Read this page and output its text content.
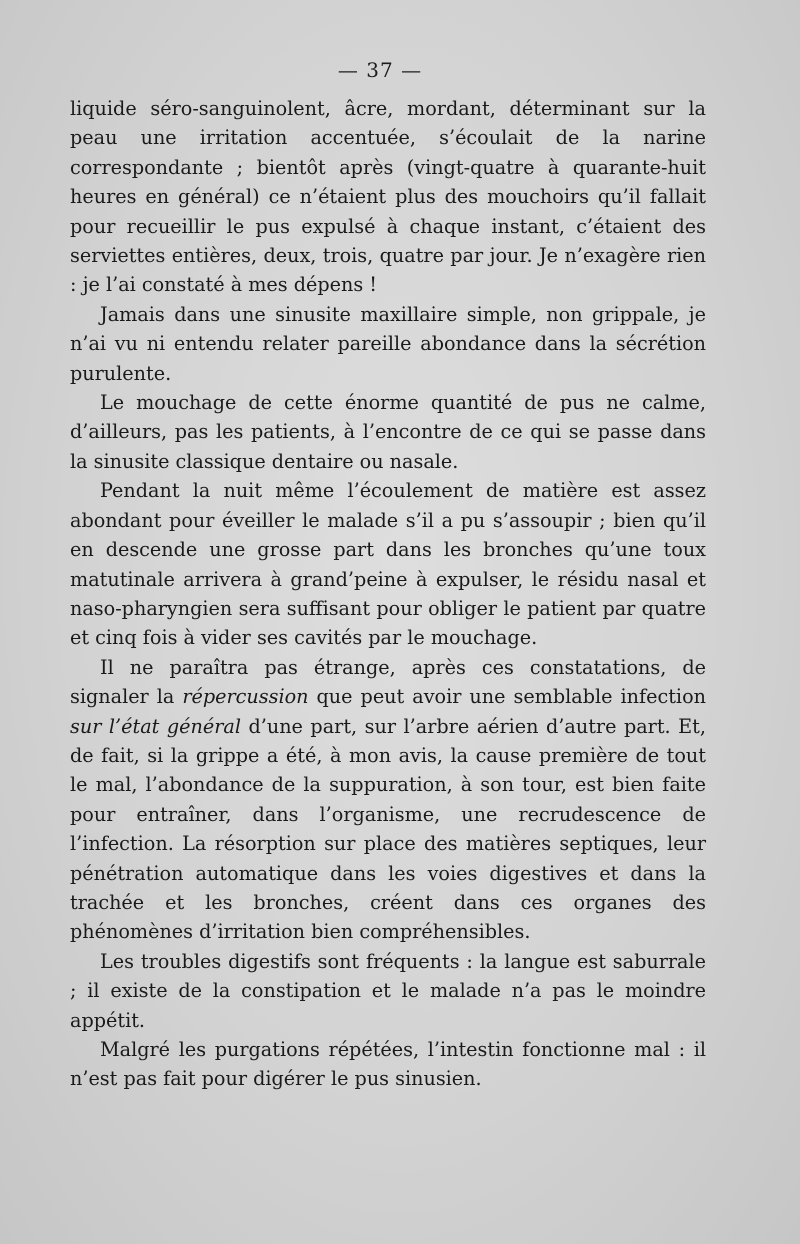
— 37 —

liquide séro-sanguinolent, âcre, mordant, déterminant sur la peau une irritation accentuée, s’écoulait de la narine correspondante ; bientôt après (vingt-quatre à quarante-huit heures en général) ce n’étaient plus des mouchoirs qu’il fallait pour recueillir le pus expulsé à chaque instant, c’étaient des serviettes entières, deux, trois, quatre par jour. Je n’exagère rien : je l’ai constaté à mes dépens !

Jamais dans une sinusite maxillaire simple, non grippale, je n’ai vu ni entendu relater pareille abondance dans la sécrétion purulente.

Le mouchage de cette énorme quantité de pus ne calme, d’ailleurs, pas les patients, à l’encontre de ce qui se passe dans la sinusite classique dentaire ou nasale.

Pendant la nuit même l’écoulement de matière est assez abondant pour éveiller le malade s’il a pu s’assoupir ; bien qu’il en descende une grosse part dans les bronches qu’une toux matutinale arrivera à grand’peine à expulser, le résidu nasal et naso-pharyngien sera suffisant pour obliger le patient par quatre et cinq fois à vider ses cavités par le mouchage.

Il ne paraîtra pas étrange, après ces constatations, de signaler la répercussion que peut avoir une semblable infection sur l’état général d’une part, sur l’arbre aérien d’autre part. Et, de fait, si la grippe a été, à mon avis, la cause première de tout le mal, l’abondance de la suppuration, à son tour, est bien faite pour entraîner, dans l’organisme, une recrudescence de l’infection. La résorption sur place des matières septiques, leur pénétration automatique dans les voies digestives et dans la trachée et les bronches, créent dans ces organes des phénomènes d’irritation bien compréhensibles.

Les troubles digestifs sont fréquents : la langue est saburrale ; il existe de la constipation et le malade n’a pas le moindre appétit.

Malgré les purgations répétées, l’intestin fonctionne mal : il n’est pas fait pour digérer le pus sinusien.
